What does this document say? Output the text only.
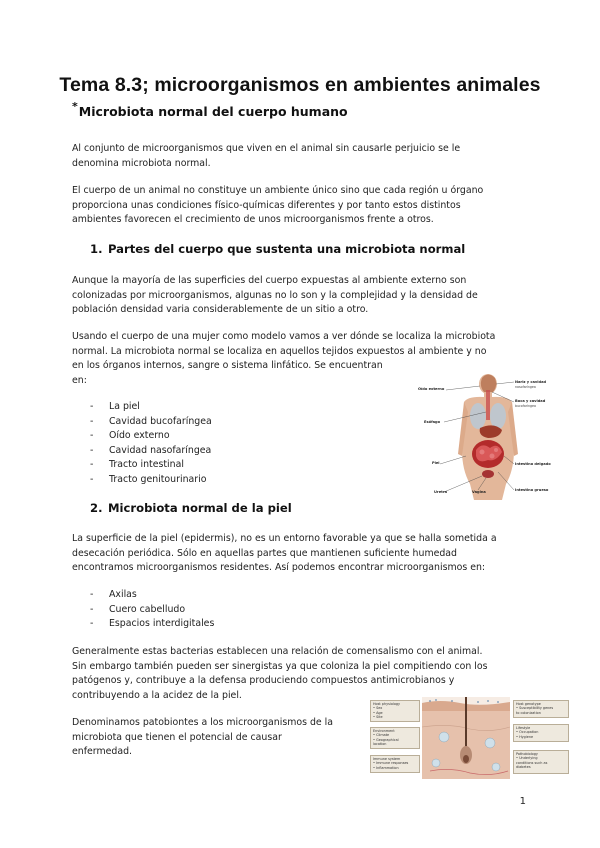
Tema 8.3; microorganismos en ambientes animales
*Microbiota normal del cuerpo humano
Al conjunto de microorganismos que viven en el animal sin causarle perjuicio se le
denomina microbiota normal.
El cuerpo de un animal no constituye un ambiente único sino que cada región u órgano
proporciona unas condiciones físico-químicas diferentes y por tanto estos distintos
ambientes favorecen el crecimiento de unos microorganismos frente a otros.
1. Partes del cuerpo que sustenta una microbiota normal
Aunque la mayoría de las superficies del cuerpo expuestas al ambiente externo son
colonizadas por microorganismos, algunas no lo son y la complejidad y la densidad de
población densidad varia considerablemente de un sitio a otro.
Usando el cuerpo de una mujer como modelo vamos a ver dónde se localiza la microbiota
normal. La microbiota normal se localiza en aquellos tejidos expuestos al ambiente y no
en los órganos internos, sangre o sistema linfático. Se encuentran
en:
- La piel
- Cavidad bucofaríngea
- Oído externo
- Cavidad nasofaríngea
- Tracto intestinal
- Tracto genitourinario
Oído externo
Nariz y cavidad
nasofaríngea
Boca y cavidad
bucofaríngea
Esófago
Piel	Intestino delgado
Intestino grueso
Uretra	Vagina
2. Microbiota normal de la piel
La superficie de la piel (epidermis), no es un entorno favorable ya que se halla sometida a
desecación periódica. Sólo en aquellas partes que mantienen suficiente humedad
encontramos microorganismos residentes. Así podemos encontrar microorganismos en:
- Axilas
- Cuero cabelludo
- Espacios interdigitales
Generalmente estas bacterias establecen una relación de comensalismo con el animal.
Sin embargo también pueden ser sinergistas ya que coloniza la piel compitiendo con los
patógenos y, contribuye a la defensa produciendo compuestos antimicrobianos y
contribuyendo a la acidez de la piel.
Denominamos patobiontes a los microorganismos de la
microbiota que tienen el potencial de causar
enfermedad.
Host physiology
• Sex
• Age
• Site
Environment
• Climate
• Geographical
location
Immune system
• Immune responses
• Inflammation
Host genotype
• Susceptibility genes
to colonization
Lifestyle
• Occupation
• Hygiene
Pathobiology
• Underlying
conditions such as
diabetes
1
